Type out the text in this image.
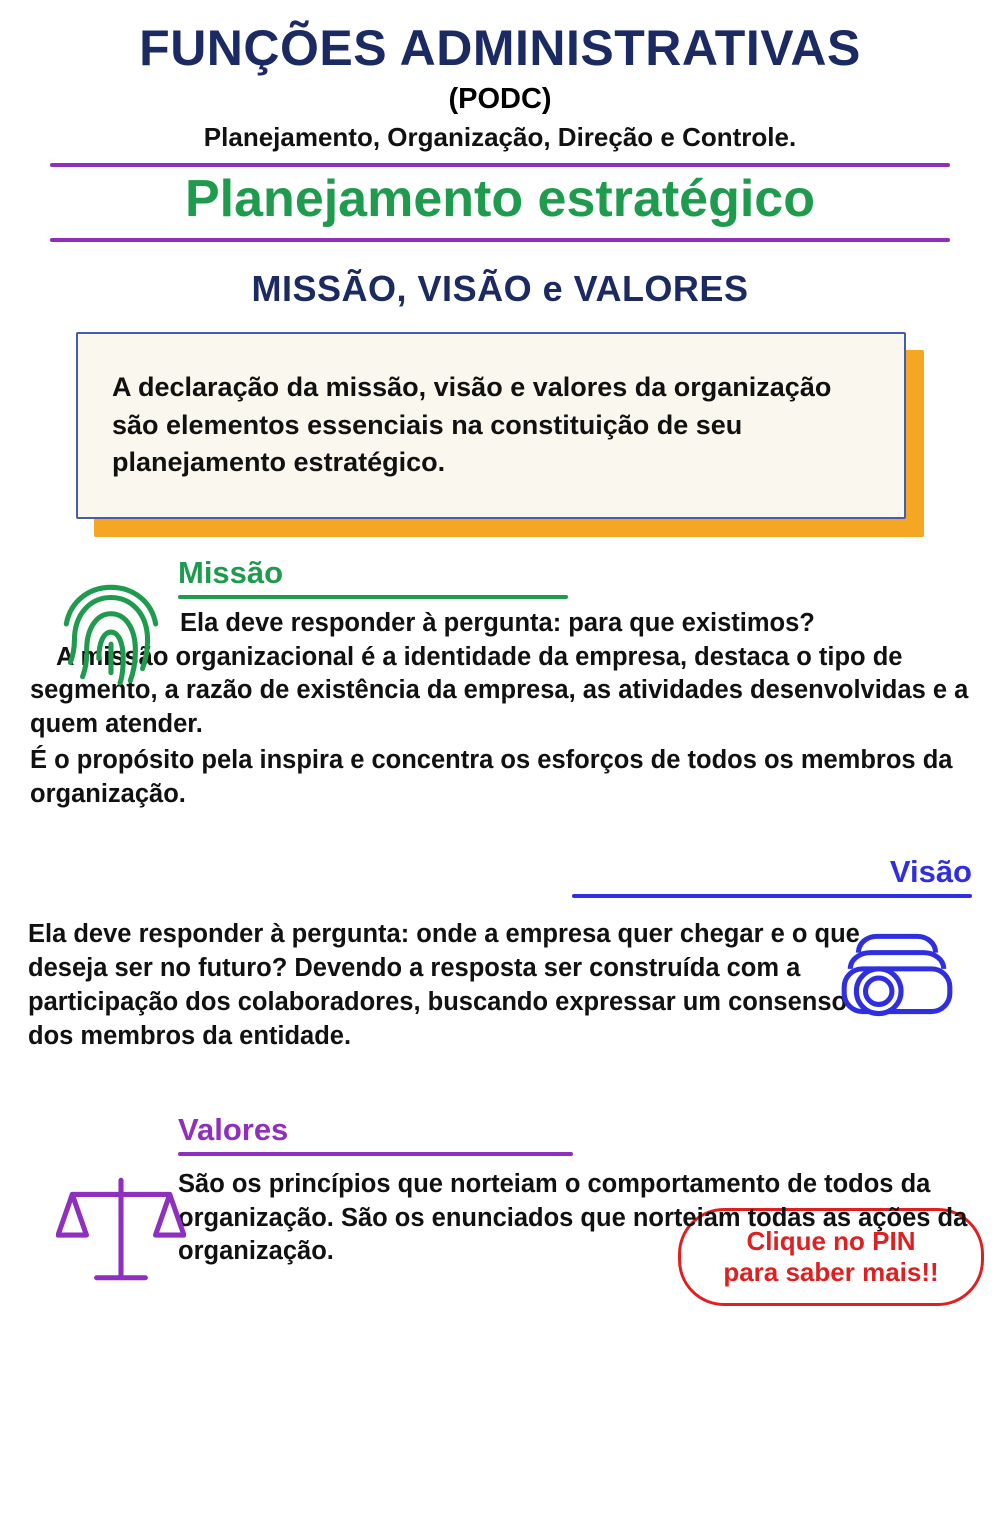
FUNÇÕES ADMINISTRATIVAS
(PODC)
Planejamento, Organização, Direção e Controle.
Planejamento estratégico
MISSÃO, VISÃO e VALORES

A declaração da missão, visão e valores da organização são elementos essenciais na constituição de seu planejamento estratégico.

Missão

Ela deve responder à pergunta: para que existimos?

A missão organizacional é a identidade da empresa, destaca o tipo de segmento, a razão de existência da empresa, as atividades desenvolvidas e a quem atender.

É o propósito pela inspira e concentra os esforços de todos os membros da organização.

Visão

Ela deve responder à pergunta: onde a empresa quer chegar e o que deseja ser no futuro? Devendo a resposta ser construída com a participação dos colaboradores, buscando expressar um consenso dos membros da entidade.

Clique no PIN
para saber mais!!
Valores

São os princípios que norteiam o comportamento de todos da organização. São os enunciados que norteiam todas as ações da organização.
